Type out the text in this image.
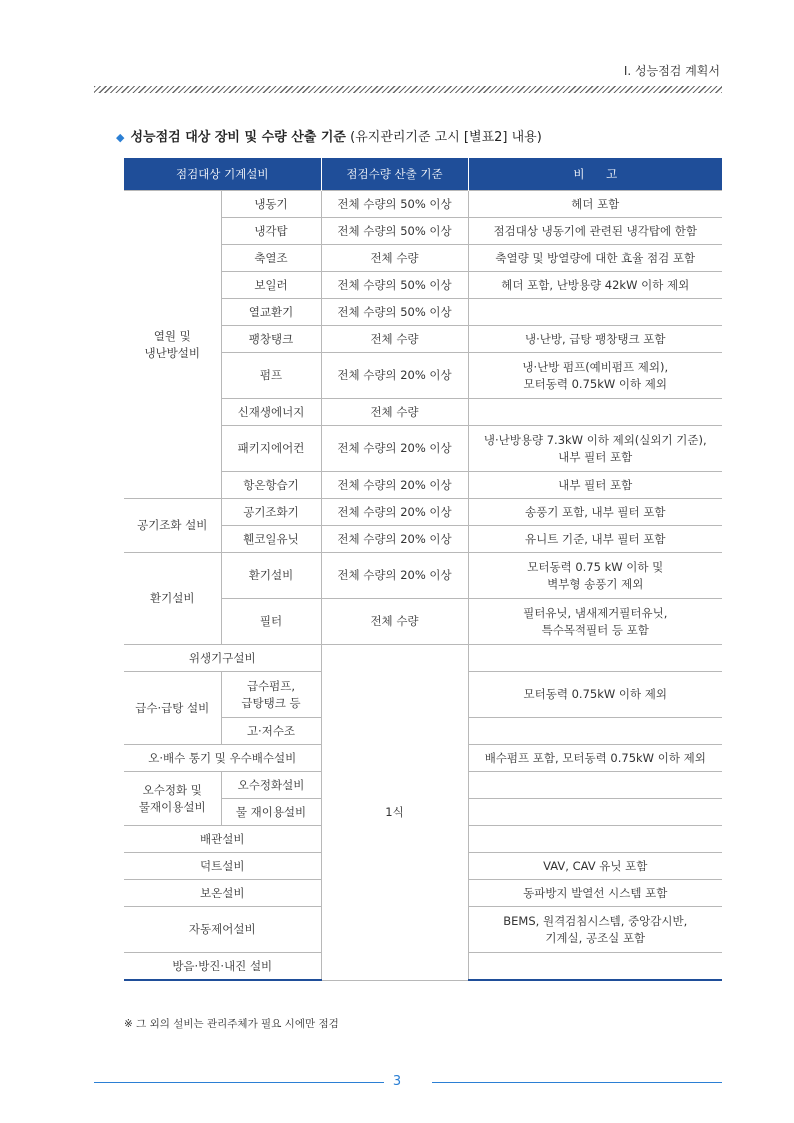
Ⅰ. 성능점검 계획서
◆ 성능점검 대상 장비 및 수량 산출 기준 (유지관리기준 고시 [별표2] 내용)
점검대상 기계설비		점검수량 산출 기준	비 고
열원 및
냉난방설비	냉동기	전체 수량의 50% 이상	헤더 포함
	냉각탑	전체 수량의 50% 이상	점검대상 냉동기에 관련된 냉각탑에 한함
	축열조	전체 수량	축열량 및 방열량에 대한 효율 점검 포함
	보일러	전체 수량의 50% 이상	헤더 포함, 난방용량 42kW 이하 제외
	열교환기	전체 수량의 50% 이상	
	팽창탱크	전체 수량	냉·난방, 급탕 팽창탱크 포함
	펌프	전체 수량의 20% 이상	냉·난방 펌프(예비펌프 제외),
모터동력 0.75kW 이하 제외
	신재생에너지	전체 수량	
	패키지에어컨	전체 수량의 20% 이상	냉·난방용량 7.3kW 이하 제외(실외기 기준),
내부 필터 포함
	항온항습기	전체 수량의 20% 이상	내부 필터 포함
공기조화 설비	공기조화기	전체 수량의 20% 이상	송풍기 포함, 내부 필터 포함
	휀코일유닛	전체 수량의 20% 이상	유니트 기준, 내부 필터 포함
환기설비	환기설비	전체 수량의 20% 이상	모터동력 0.75 kW 이하 및
벽부형 송풍기 제외
	필터	전체 수량	필터유닛, 냄새제거필터유닛,
특수목적필터 등 포함
위생기구설비		1식	
급수·급탕 설비	급수펌프,
급탕탱크 등		모터동력 0.75kW 이하 제외
	고·저수조		
오·배수 통기 및 우수배수설비			배수펌프 포함, 모터동력 0.75kW 이하 제외
오수정화 및
물재이용설비	오수정화설비		
	물 재이용설비		
배관설비			
덕트설비			VAV, CAV 유닛 포함
보온설비			동파방지 발열선 시스템 포함
자동제어설비			BEMS, 원격검침시스템, 중앙감시반,
기계실, 공조실 포함
방음·방진·내진 설비			
※ 그 외의 설비는 관리주체가 필요 시에만 점검
3
